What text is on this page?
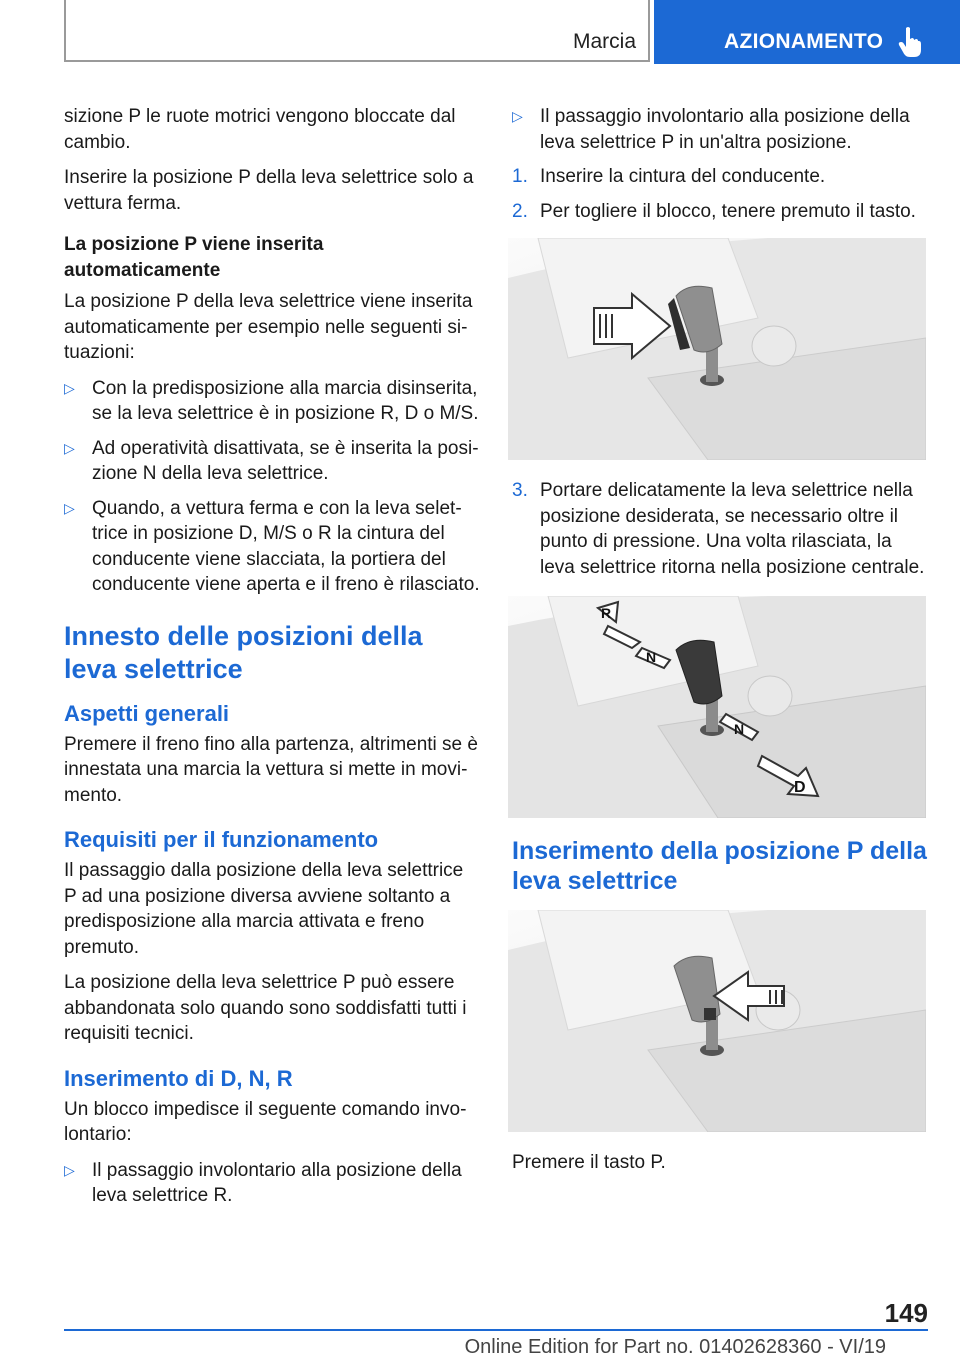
Marcia	AZIONAMENTO

sizione P le ruote motrici vengono bloccate dal cambio.

Inserire la posizione P della leva selettrice solo a vettura ferma.

La posizione P viene inserita automaticamente

La posizione P della leva selettrice viene inserita automaticamente per esempio nelle seguenti situazioni:

▷ Con la predisposizione alla marcia disinserita, se la leva selettrice è in posizione R, D o M/S.
▷ Ad operatività disattivata, se è inserita la posizione N della leva selettrice.
▷ Quando, a vettura ferma e con la leva selettrice in posizione D, M/S o R la cintura del conducente viene slacciata, la portiera del conducente viene aperta e il freno è rilasciato.
Innesto delle posizioni della leva selettrice
Aspetti generali

Premere il freno fino alla partenza, altrimenti se è innestata una marcia la vettura si mette in movimento.

Requisiti per il funzionamento

Il passaggio dalla posizione della leva selettrice P ad una posizione diversa avviene soltanto a predisposizione alla marcia attivata e freno premuto.

La posizione della leva selettrice P può essere abbandonata solo quando sono soddisfatti tutti i requisiti tecnici.

Inserimento di D, N, R

Un blocco impedisce il seguente comando involontario:

▷ Il passaggio involontario alla posizione della leva selettrice R.
▷ Il passaggio involontario alla posizione della leva selettrice P in un'altra posizione.
1. Inserire la cintura del conducente.
2. Per togliere il blocco, tenere premuto il tasto.
3. Portare delicatamente la leva selettrice nella posizione desiderata, se necessario oltre il punto di pressione. Una volta rilasciata, la leva selettrice ritorna nella posizione centrale.
R
N
N
D
Inserimento della posizione P della leva selettrice

Premere il tasto P.

149
Online Edition for Part no. 01402628360 - VI/19
